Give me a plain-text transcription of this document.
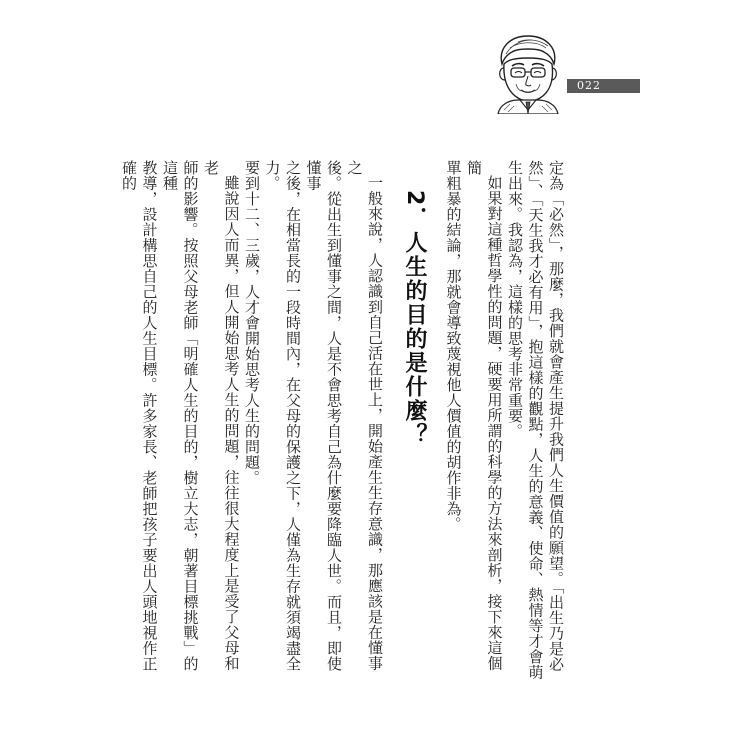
022

定為「必然」，那麼，我們就會產生提升我們人生價值的願望。「出生乃是必

然」、「天生我才必有用」，抱這樣的觀點，人生的意義、使命、熱情等才會萌

生出來。我認為，這樣的思考非常重要。

如果對這種哲學性的問題，硬要用所謂的科學的方法來剖析，接下來這個簡

單粗暴的結論，那就會導致蔑視他人價值的胡作非為。

2．人生的目的是什麼？

一般來說，人認識到自己活在世上，開始產生生存意識，那應該是在懂事之

後。從出生到懂事之間，人是不會思考自己為什麼要降臨人世。而且，即使懂事

之後，在相當長的一段時間內，在父母的保護之下，人僅為生存就須竭盡全力。

要到十二、三歲，人才會開始思考人生的問題。

雖說因人而異，但人開始思考人生的問題，往往很大程度上是受了父母和老

師的影響。按照父母老師「明確人生的目的，樹立大志，朝著目標挑戰」的這種

教導，設計構思自己的人生目標。許多家長、老師把孩子要出人頭地視作正確的
